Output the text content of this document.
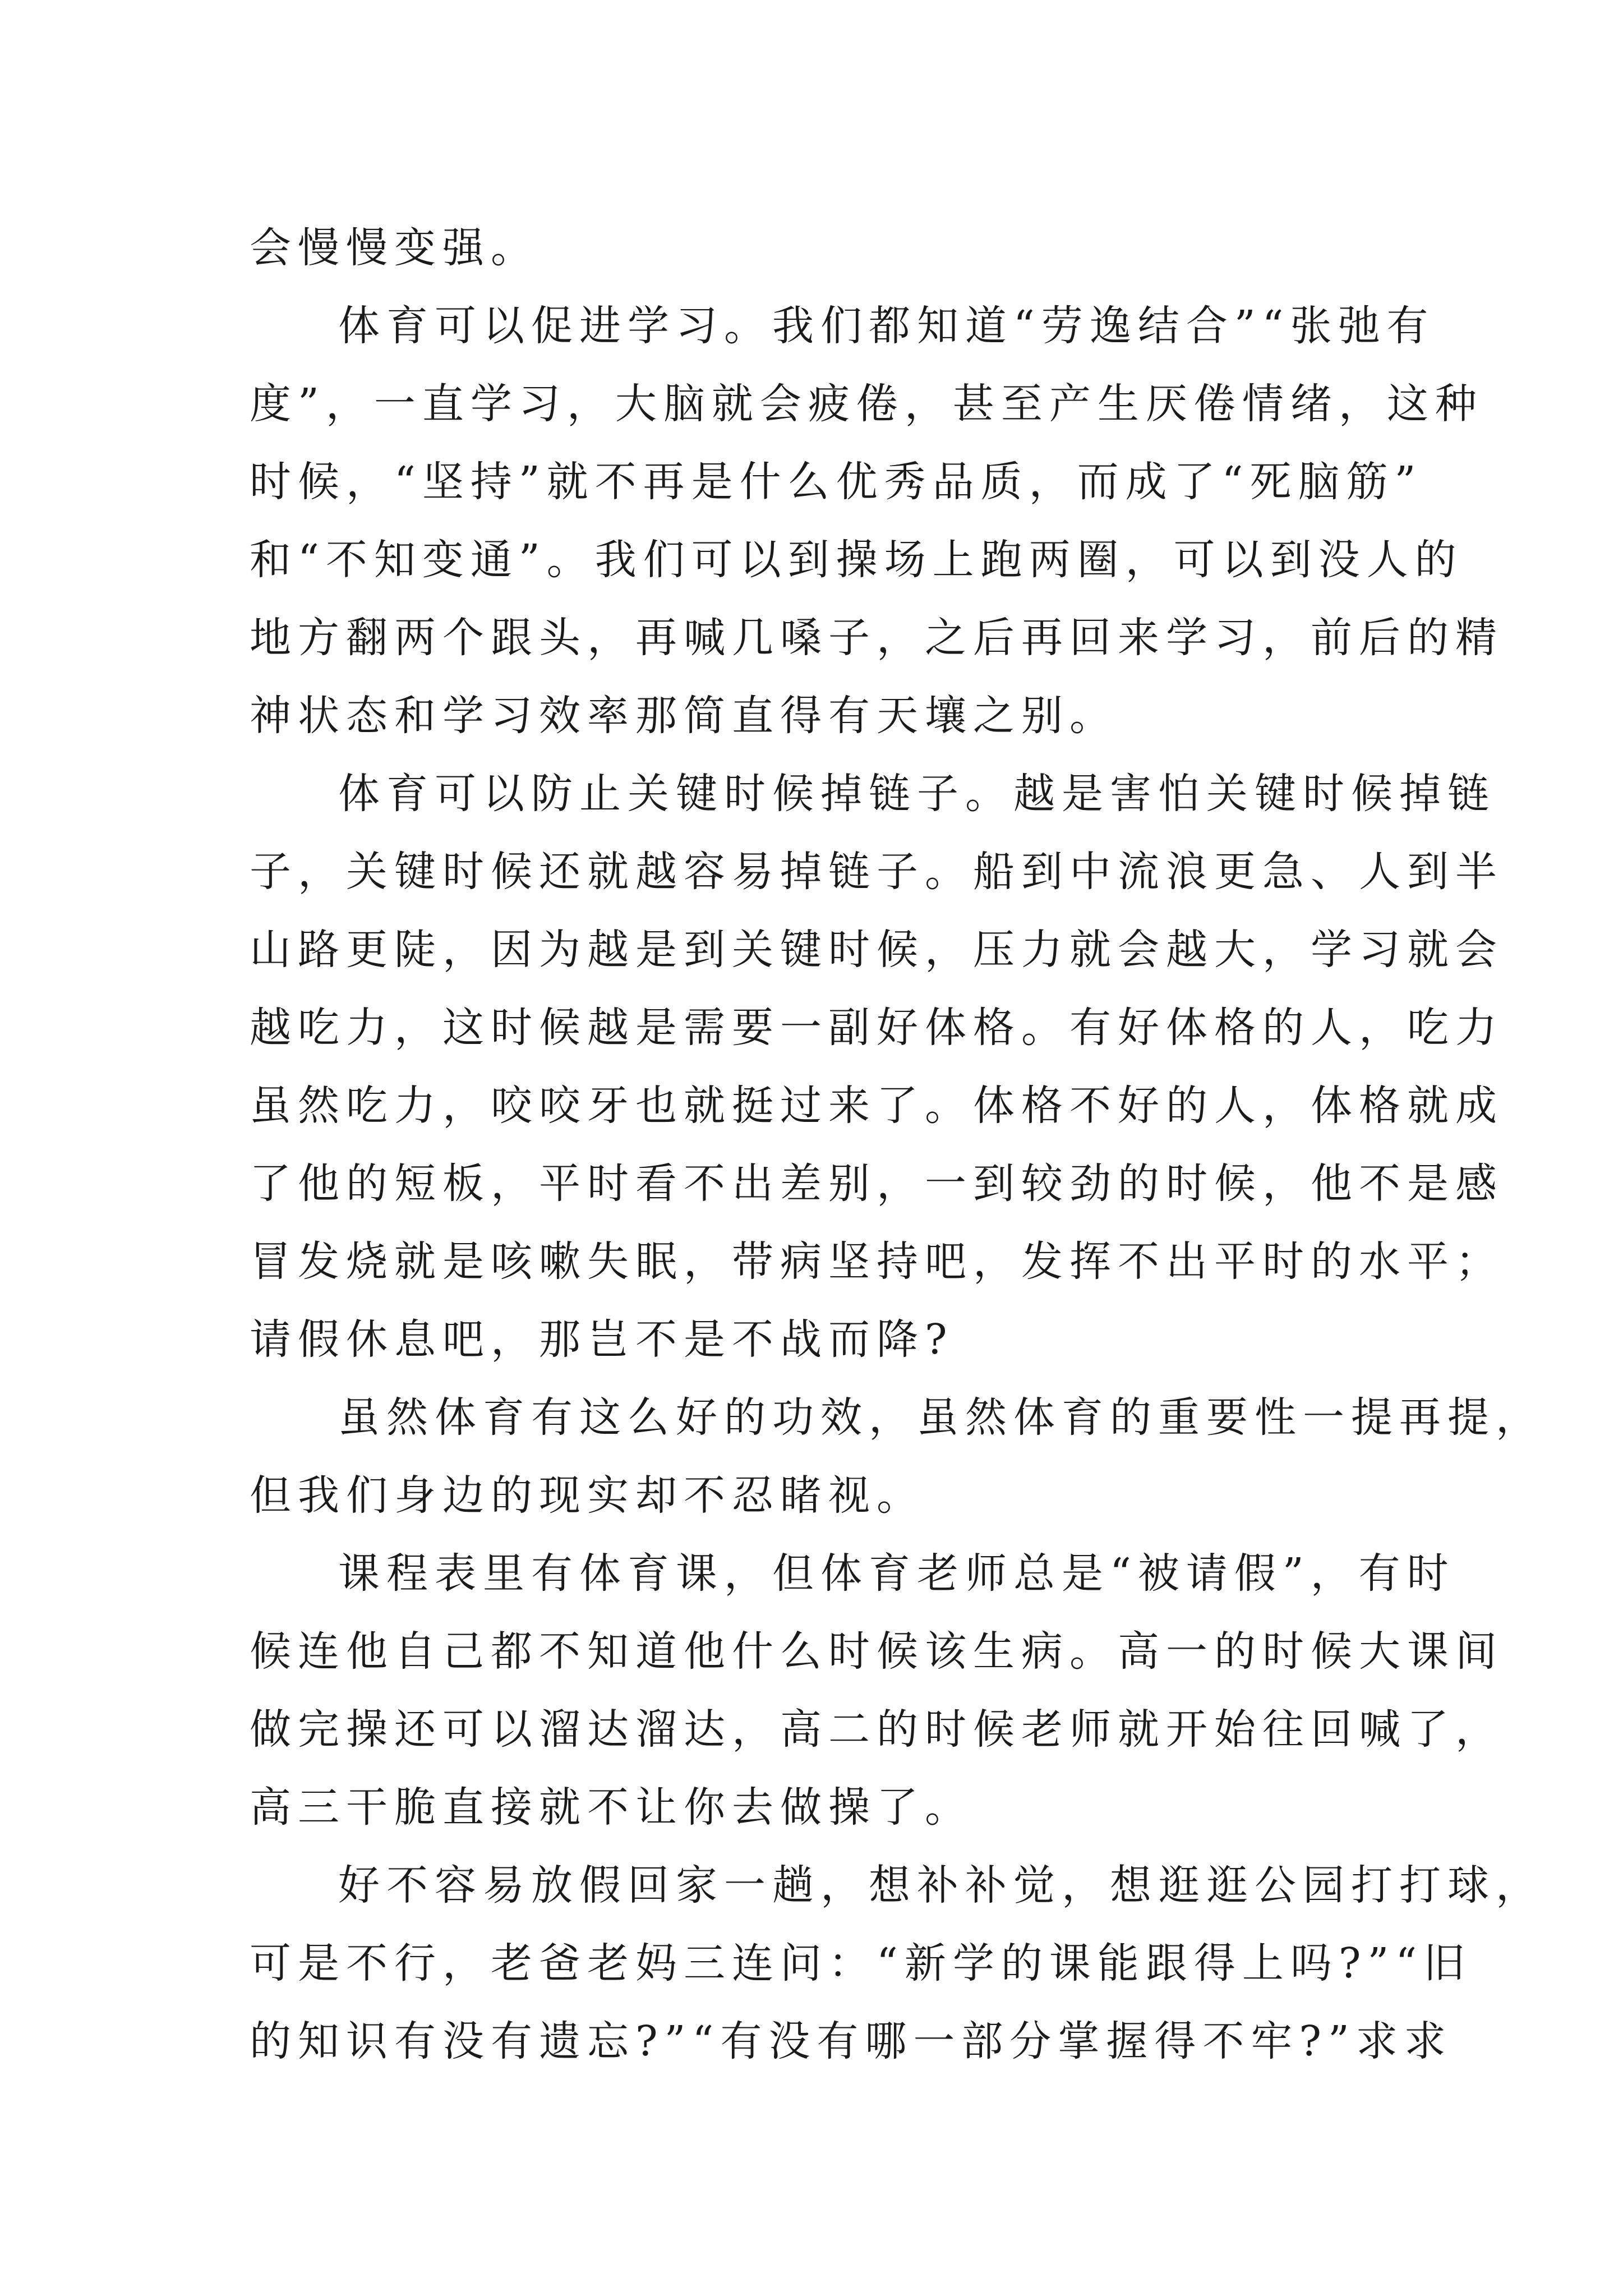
会慢慢变强。
体育可以促进学习。我们都知道“劳逸结合”“张弛有
度”，一直学习，大脑就会疲倦，甚至产生厌倦情绪，这种
时候，“坚持”就不再是什么优秀品质，而成了“死脑筋”
和“不知变通”。我们可以到操场上跑两圈，可以到没人的
地方翻两个跟头，再喊几嗓子，之后再回来学习，前后的精
神状态和学习效率那简直得有天壤之别。
体育可以防止关键时候掉链子。越是害怕关键时候掉链
子，关键时候还就越容易掉链子。船到中流浪更急、人到半
山路更陡，因为越是到关键时候，压力就会越大，学习就会
越吃力，这时候越是需要一副好体格。有好体格的人，吃力
虽然吃力，咬咬牙也就挺过来了。体格不好的人，体格就成
了他的短板，平时看不出差别，一到较劲的时候，他不是感
冒发烧就是咳嗽失眠，带病坚持吧，发挥不出平时的水平；
请假休息吧，那岂不是不战而降?
虽然体育有这么好的功效，虽然体育的重要性一提再提，
但我们身边的现实却不忍睹视。
课程表里有体育课，但体育老师总是“被请假”，有时
候连他自己都不知道他什么时候该生病。高一的时候大课间
做完操还可以溜达溜达，高二的时候老师就开始往回喊了，
高三干脆直接就不让你去做操了。
好不容易放假回家一趟，想补补觉，想逛逛公园打打球，
可是不行，老爸老妈三连问：“新学的课能跟得上吗?”“旧
的知识有没有遗忘?”“有没有哪一部分掌握得不牢?”求求
